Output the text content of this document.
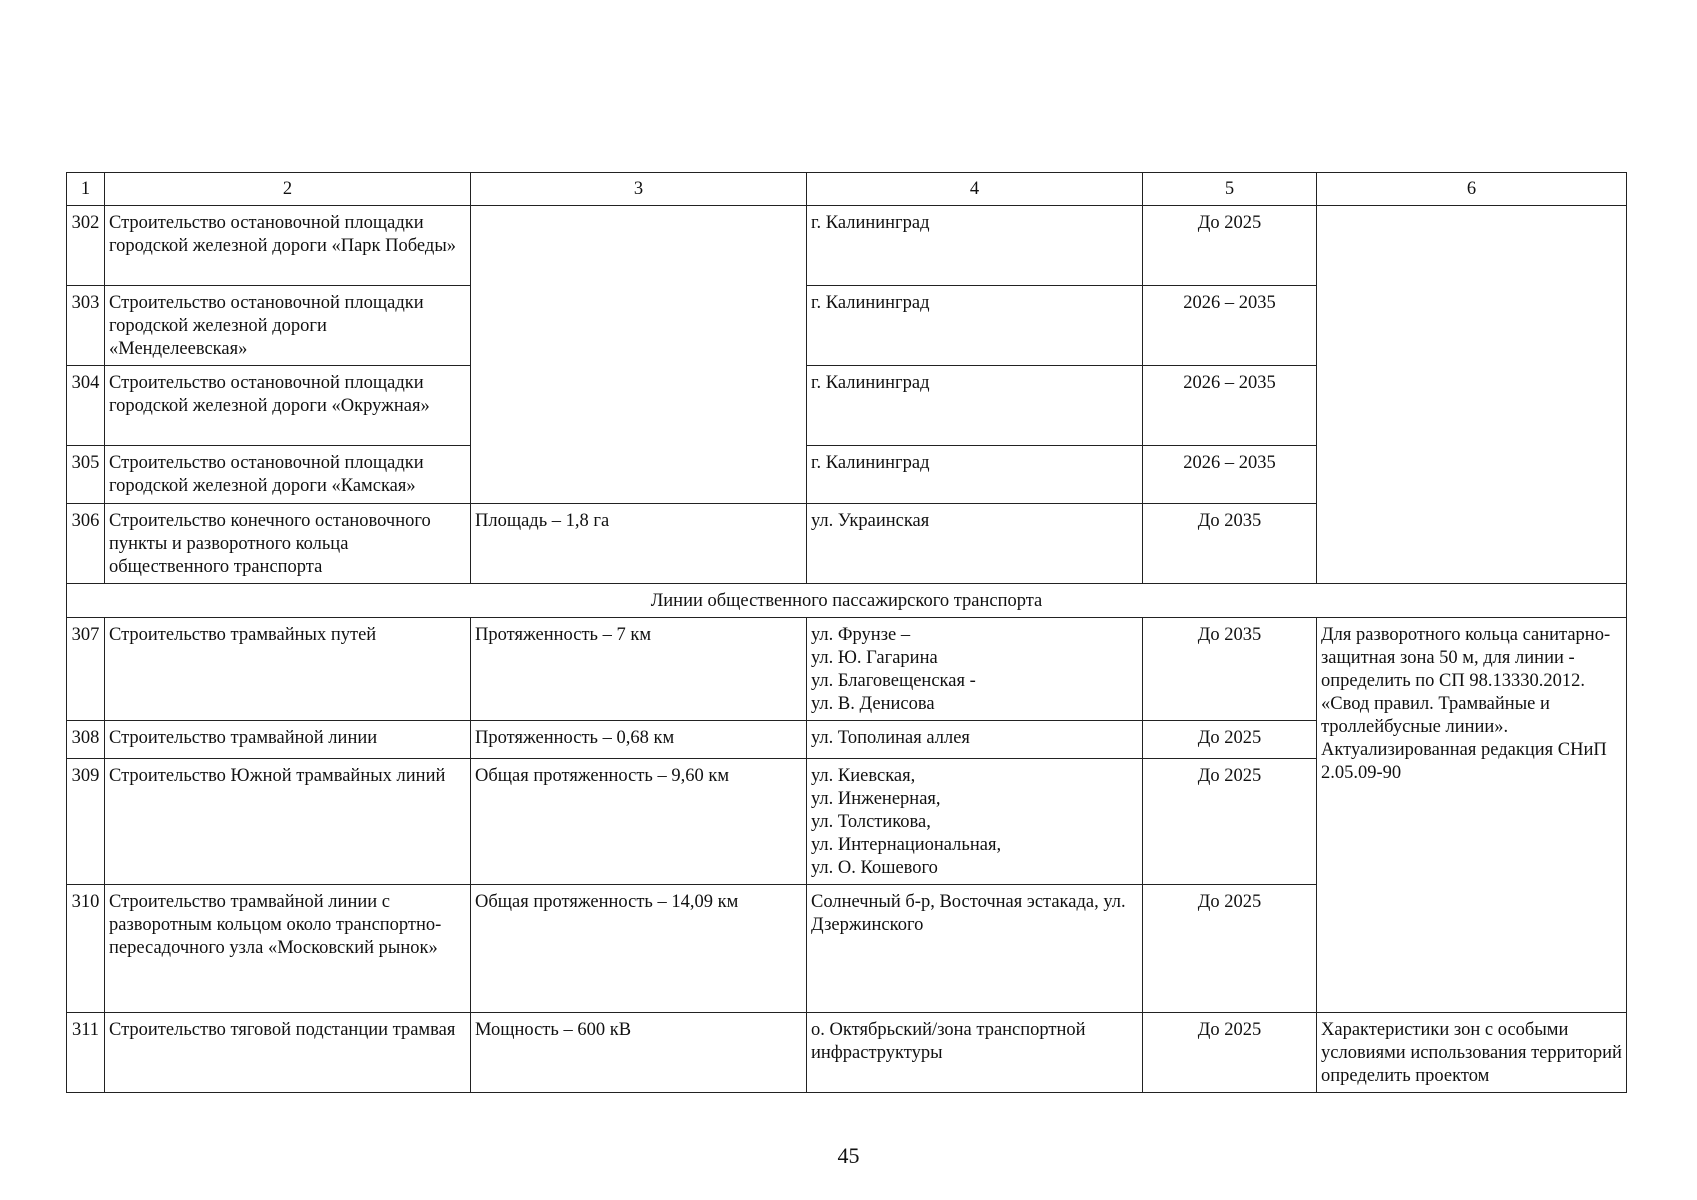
1	2	3	4	5	6
302	Строительство остановочной площадки городской железной дороги «Парк Победы»		г. Калининград	До 2025	
303	Строительство остановочной площадки городской железной дороги «Менделеевская»		г. Калининград	2026 – 2035	
304	Строительство остановочной площадки городской железной дороги «Окружная»		г. Калининград	2026 – 2035	
305	Строительство остановочной площадки городской железной дороги «Камская»		г. Калининград	2026 – 2035	
306	Строительство конечного остановочного пункты и разворотного кольца общественного транспорта	Площадь – 1,8 га	ул. Украинская	До 2035	
Линии общественного пассажирского транспорта					
307	Строительство трамвайных путей	Протяженность – 7 км	ул. Фрунзе –
ул. Ю. Гагарина
ул. Благовещенская -
ул. В. Денисова	До 2035	Для разворотного кольца санитарно-защитная зона 50 м, для линии - определить по СП 98.13330.2012. «Свод правил. Трамвайные и троллейбусные линии». Актуализированная редакция СНиП 2.05.09-90
308	Строительство трамвайной линии	Протяженность – 0,68 км	ул. Тополиная аллея	До 2025	
309	Строительство Южной трамвайных линий	Общая протяженность – 9,60 км	ул. Киевская,
ул. Инженерная,
ул. Толстикова,
ул. Интернациональная,
ул. О. Кошевого	До 2025	
310	Строительство трамвайной линии с разворотным кольцом около транспортно-пересадочного узла «Московский рынок»	Общая протяженность – 14,09 км	Солнечный б-р, Восточная эстакада, ул. Дзержинского	До 2025	
311	Строительство тяговой подстанции трамвая	Мощность – 600 кВ	о. Октябрьский/зона транспортной инфраструктуры	До 2025	Характеристики зон с особыми условиями использования территорий определить проектом
45
